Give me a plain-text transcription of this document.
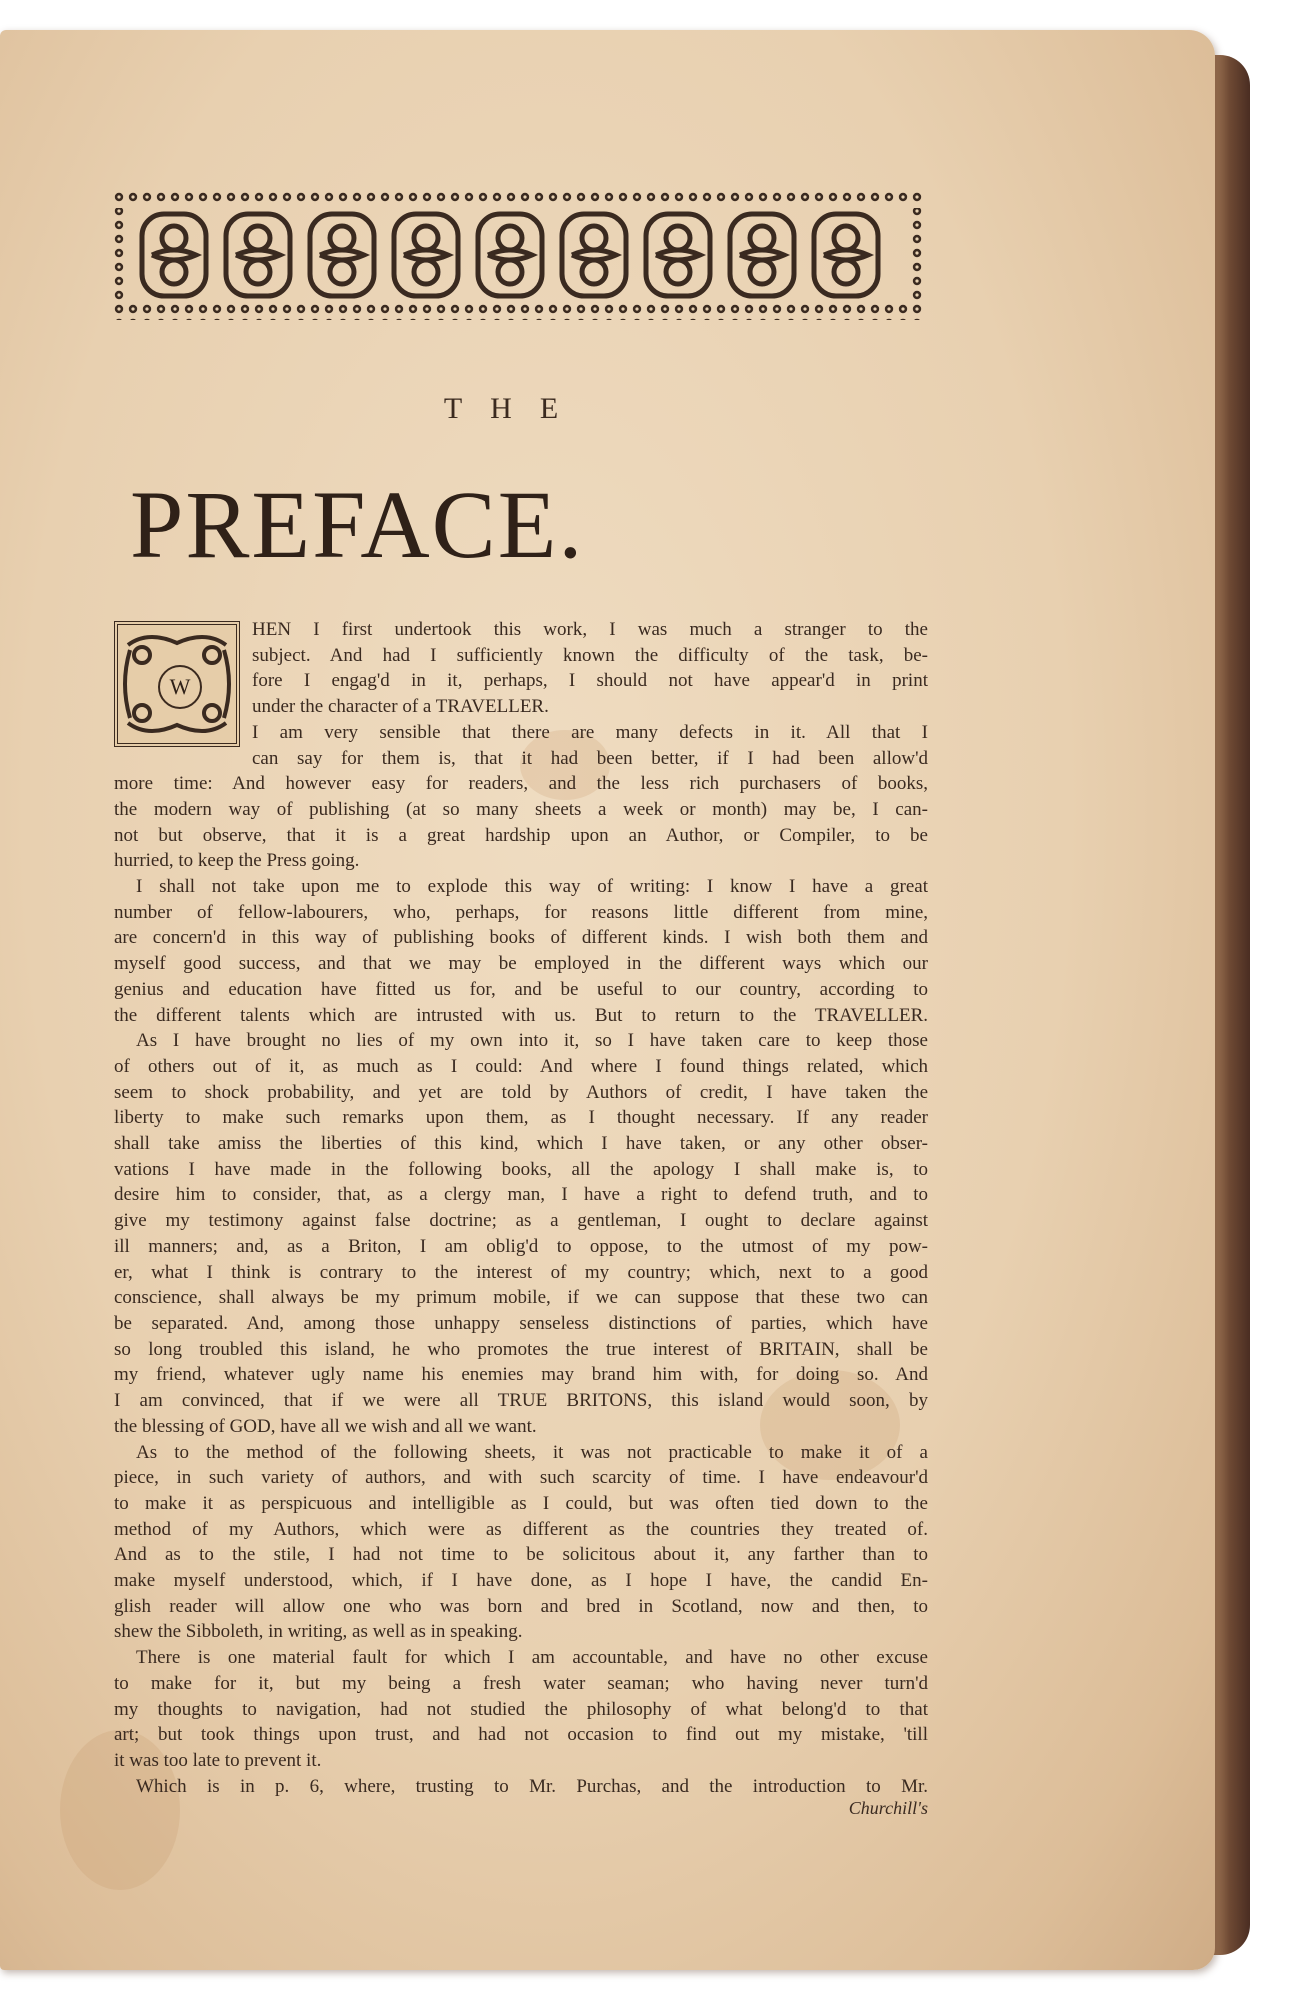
THE
PREFACE.
W
HEN I first undertook this work, I was much a stranger to the
subject. And had I sufficiently known the difficulty of the task, be-
fore I engag'd in it, perhaps, I should not have appear'd in print
under the character of a TRAVELLER.
I am very sensible that there are many defects in it. All that I
can say for them is, that it had been better, if I had been allow'd
more time: And however easy for readers, and the less rich purchasers of books,
the modern way of publishing (at so many sheets a week or month) may be, I can-
not but observe, that it is a great hardship upon an Author, or Compiler, to be
hurried, to keep the Press going.
I shall not take upon me to explode this way of writing: I know I have a great
number of fellow-labourers, who, perhaps, for reasons little different from mine,
are concern'd in this way of publishing books of different kinds. I wish both them and
myself good success, and that we may be employed in the different ways which our
genius and education have fitted us for, and be useful to our country, according to
the different talents which are intrusted with us. But to return to the TRAVELLER.
As I have brought no lies of my own into it, so I have taken care to keep those
of others out of it, as much as I could: And where I found things related, which
seem to shock probability, and yet are told by Authors of credit, I have taken the
liberty to make such remarks upon them, as I thought necessary. If any reader
shall take amiss the liberties of this kind, which I have taken, or any other obser-
vations I have made in the following books, all the apology I shall make is, to
desire him to consider, that, as a clergy man, I have a right to defend truth, and to
give my testimony against false doctrine; as a gentleman, I ought to declare against
ill manners; and, as a Briton, I am oblig'd to oppose, to the utmost of my pow-
er, what I think is contrary to the interest of my country; which, next to a good
conscience, shall always be my primum mobile, if we can suppose that these two can
be separated. And, among those unhappy senseless distinctions of parties, which have
so long troubled this island, he who promotes the true interest of BRITAIN, shall be
my friend, whatever ugly name his enemies may brand him with, for doing so. And
I am convinced, that if we were all TRUE BRITONS, this island would soon, by
the blessing of GOD, have all we wish and all we want.
As to the method of the following sheets, it was not practicable to make it of a
piece, in such variety of authors, and with such scarcity of time. I have endeavour'd
to make it as perspicuous and intelligible as I could, but was often tied down to the
method of my Authors, which were as different as the countries they treated of.
And as to the stile, I had not time to be solicitous about it, any farther than to
make myself understood, which, if I have done, as I hope I have, the candid En-
glish reader will allow one who was born and bred in Scotland, now and then, to
shew the Sibboleth, in writing, as well as in speaking.
There is one material fault for which I am accountable, and have no other excuse
to make for it, but my being a fresh water seaman; who having never turn'd
my thoughts to navigation, had not studied the philosophy of what belong'd to that
art; but took things upon trust, and had not occasion to find out my mistake, 'till
it was too late to prevent it.
Which is in p. 6, where, trusting to Mr. Purchas, and the introduction to Mr.
Churchill's
